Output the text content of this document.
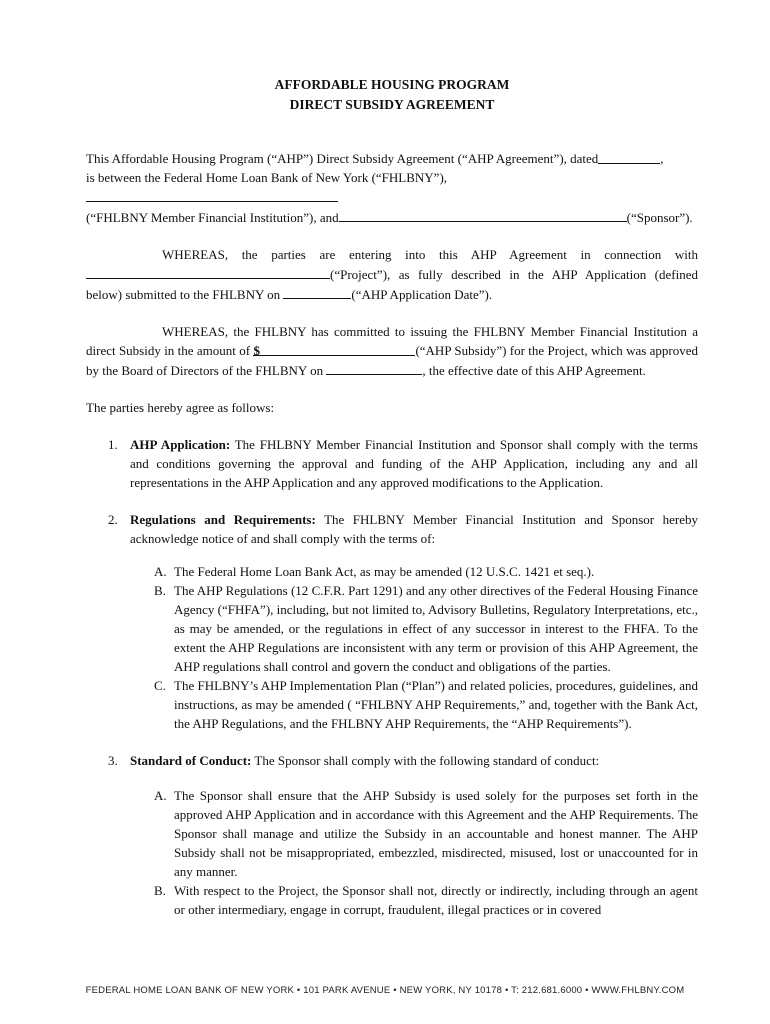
AFFORDABLE HOUSING PROGRAM
DIRECT SUBSIDY AGREEMENT
This Affordable Housing Program (“AHP”) Direct Subsidy Agreement (“AHP Agreement”), dated	,
is between the Federal Home Loan Bank of New York (“FHLBNY”),
(“FHLBNY Member Financial Institution”), and	(“Sponsor”).

WHEREAS, the parties are entering into this AHP Agreement in connection with

(“Project”), as fully described in the AHP Application (defined
below) submitted to the FHLBNY on	(“AHP Application Date”).
WHEREAS, the FHLBNY has committed to issuing the FHLBNY Member Financial Institution a direct Subsidy in the amount of $	(“AHP Subsidy”) for the Project, which was approved by the Board of Directors of the FHLBNY on	, the effective date of this AHP Agreement.

The parties hereby agree as follows:

1. AHP Application: The FHLBNY Member Financial Institution and Sponsor shall comply with the terms and conditions governing the approval and funding of the AHP Application, including any and all representations in the AHP Application and any approved modifications to the Application.
2. Regulations and Requirements: The FHLBNY Member Financial Institution and Sponsor hereby acknowledge notice of and shall comply with the terms of:
A. The Federal Home Loan Bank Act, as may be amended (12 U.S.C. 1421 et seq.).
B. The AHP Regulations (12 C.F.R. Part 1291) and any other directives of the Federal Housing Finance Agency (“FHFA”), including, but not limited to, Advisory Bulletins, Regulatory Interpretations, etc., as may be amended, or the regulations in effect of any successor in interest to the FHFA. To the extent the AHP Regulations are inconsistent with any term or provision of this AHP Agreement, the AHP regulations shall control and govern the conduct and obligations of the parties.
C. The FHLBNY’s AHP Implementation Plan (“Plan”) and related policies, procedures, guidelines, and instructions, as may be amended ( “FHLBNY AHP Requirements,” and, together with the Bank Act, the AHP Regulations, and the FHLBNY AHP Requirements, the “AHP Requirements”).
3. Standard of Conduct: The Sponsor shall comply with the following standard of conduct:
A. The Sponsor shall ensure that the AHP Subsidy is used solely for the purposes set forth in the approved AHP Application and in accordance with this Agreement and the AHP Requirements. The Sponsor shall manage and utilize the Subsidy in an accountable and honest manner. The AHP Subsidy shall not be misappropriated, embezzled, misdirected, misused, lost or unaccounted for in any manner.
B. With respect to the Project, the Sponsor shall not, directly or indirectly, including through an agent or other intermediary, engage in corrupt, fraudulent, illegal practices or in covered
FEDERAL HOME LOAN BANK OF NEW YORK • 101 PARK AVENUE • NEW YORK, NY 10178 • T: 212.681.6000 • WWW.FHLBNY.COM
